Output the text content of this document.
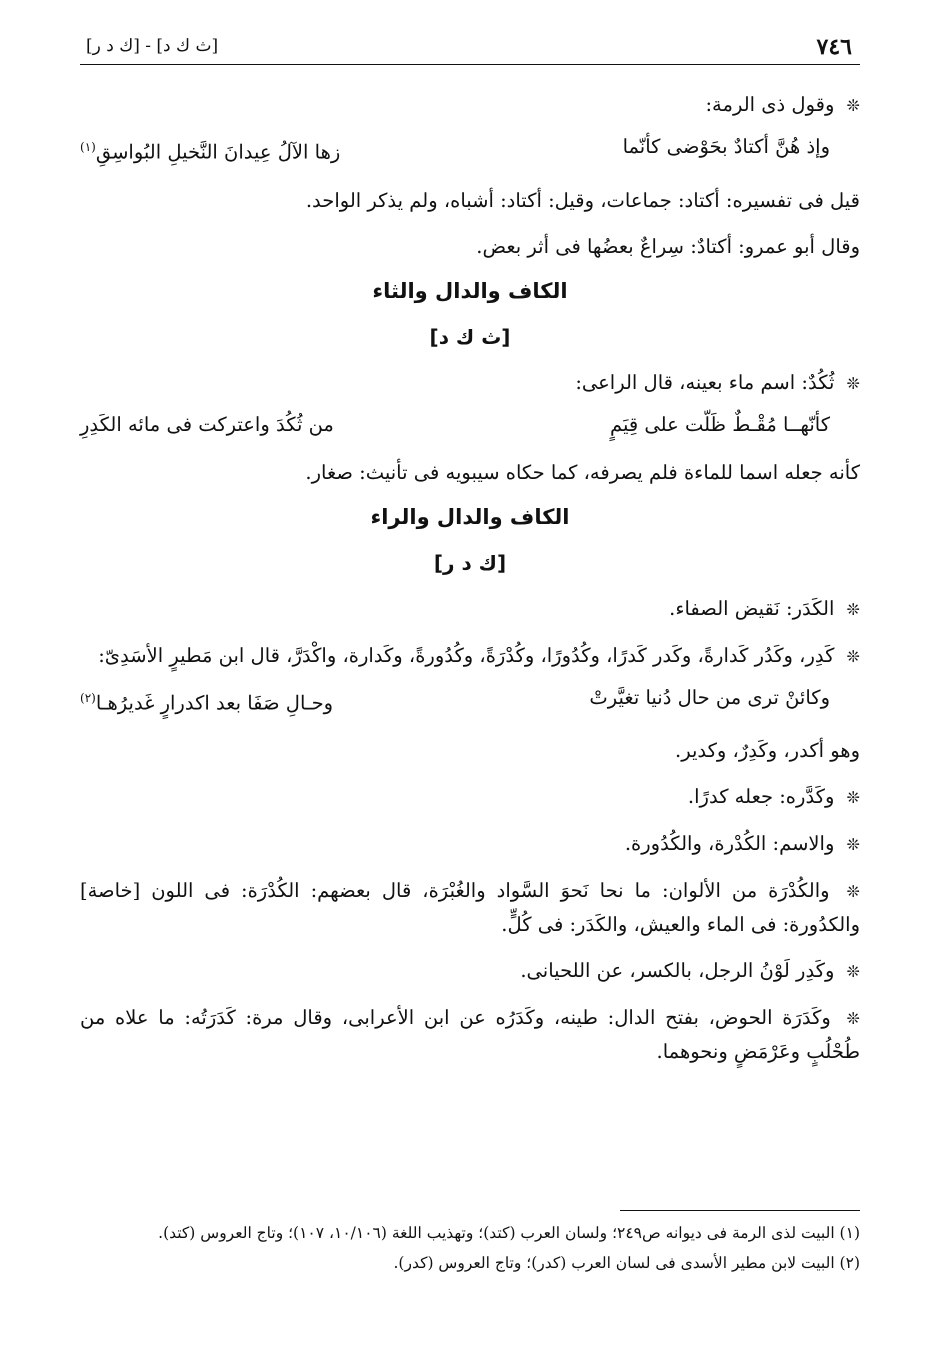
٧٤٦
[ث ك د] - [ك د ر]

❊ وقول ذى الرمة:

وإذ هُنَّ أكتادٌ بحَوْضى كأنّما
زها الآلُ عِيدانَ النَّخيلِ البُواسِقِ$^{(١)}$

قيل فى تفسيره: أكتاد: جماعات، وقيل: أكتاد: أشباه، ولم يذكر الواحد.

وقال أبو عمرو: أكتادٌ: سِراعٌ بعضُها فى أثر بعض.

الكاف والدال والثاء
[ث ك د]

❊ ثُكُدٌ: اسم ماء بعينه، قال الراعى:

كأنّهــا مُقْـطٌ ظَلّت على قِيَمٍ
من ثُكُدَ واعترکت فى مائه الکَدِرِ

كأنه جعله اسما للماءة فلم يصرفه، كما حكاه سيبويه فى تأنيث: صغار.

الكاف والدال والراء
[ك د ر]

❊ الكَدَر: نَقيض الصفاء.

❊ كَدِر، وكَدُر كَدارةً، وكَدر كَدرًا، وكُدُورًا، وكُدْرَةً، وكُدُورةً، وكَدارة، واكْدَرَّ، قال ابن مَطيرٍ الأسَدِىّ:

وكائنْ ترى من حال دُنيا تغيَّرتْ
وحـالِ صَفَا بعد اكدرارٍ غَديرُهـا$^{(٢)}$

وهو أكدر، وكَدِرٌ، وكدير.

❊ وكَدَّره: جعله كدرًا.

❊ والاسم: الكُدْرة، والكُدُورة.

❊ والكُدْرَة من الألوان: ما نحا نَحوَ السَّواد والغُبْرَة، قال بعضهم: الكُدْرَة: فى اللون [خاصة] والكدُورة: فى الماء والعيش، والكَدَر: فى كُلٍّ.

❊ وكَدِر لَوْنُ الرجل، بالكسر، عن اللحيانى.

❊ وكَدَرَة الحوض، بفتح الدال: طينه، وكَدَرُه عن ابن الأعرابى، وقال مرة: كَدَرَتُه: ما علاه من طُحْلُبٍ وعَرْمَضٍ ونحوهما.

(١) البيت لذى الرمة فى ديوانه ص٢٤٩؛ ولسان العرب (كتد)؛ وتهذيب اللغة (١٠/١٠٦، ١٠٧)؛ وتاج العروس (كتد).

(٢) البيت لابن مطير الأسدى فى لسان العرب (كدر)؛ وتاج العروس (كدر).
